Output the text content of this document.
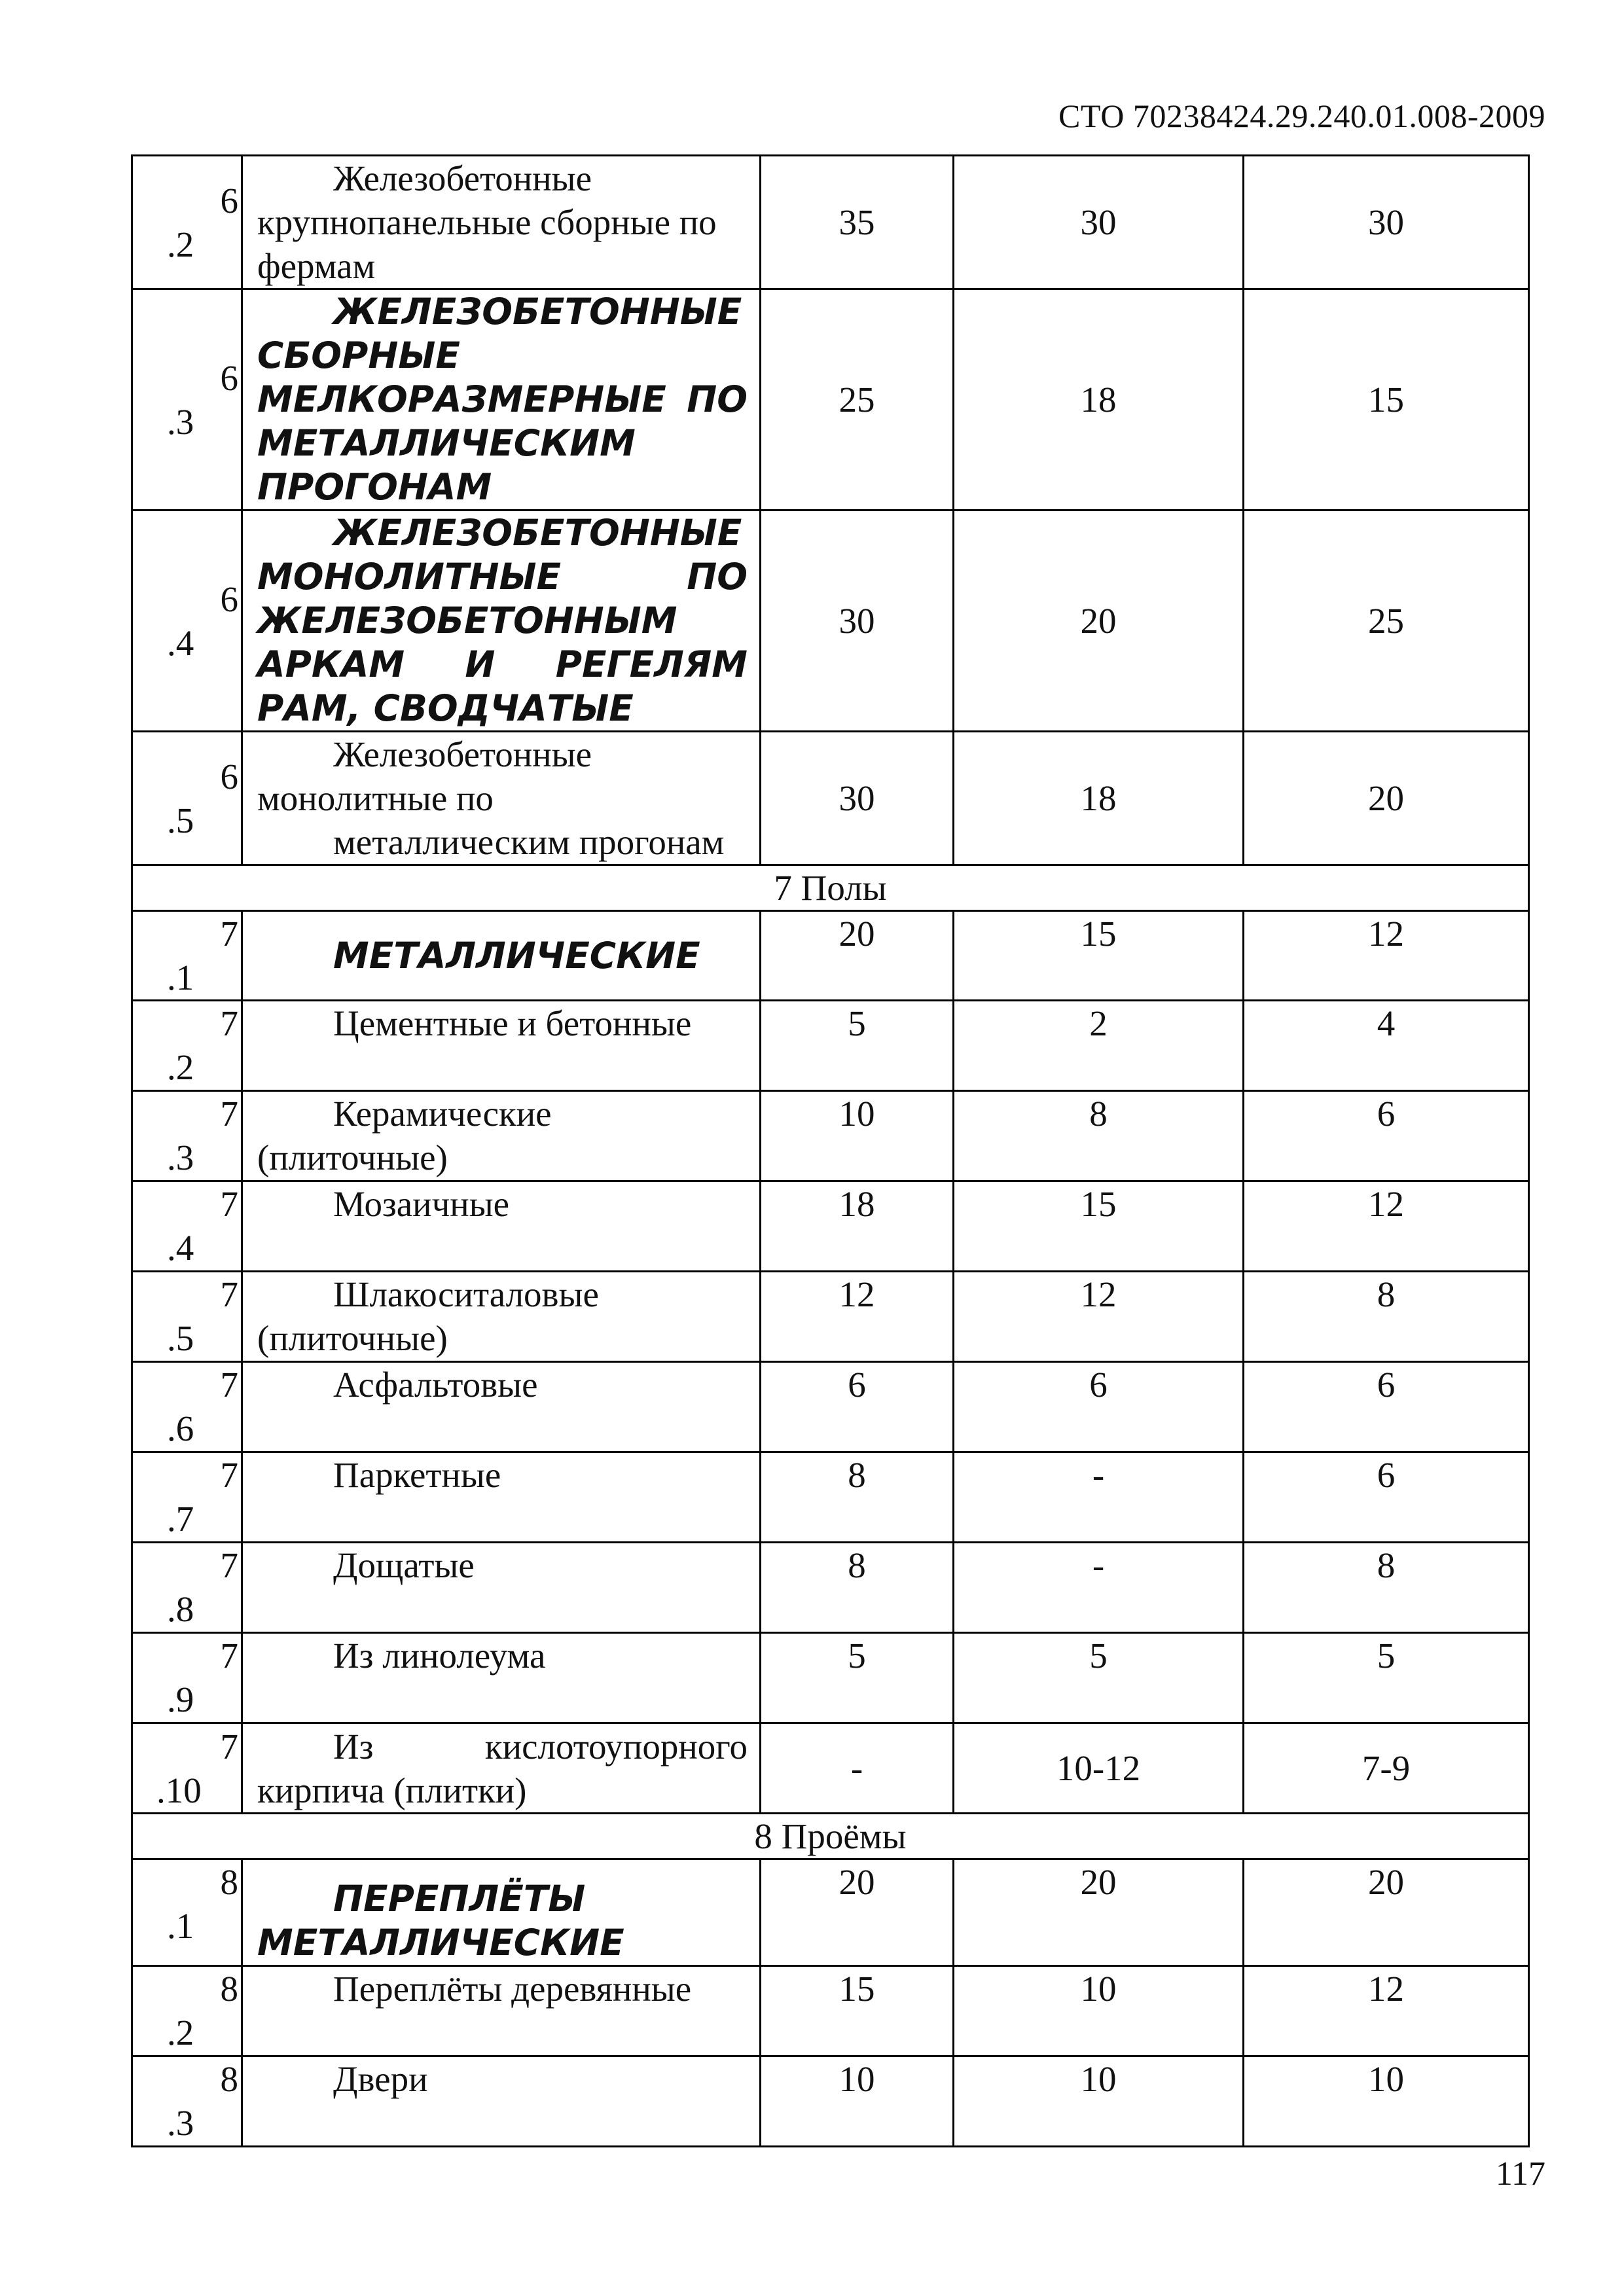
СТО 70238424.29.240.01.008-2009
6
.2	Железобетонные
крупнопанельные сборные по
фермам	35	30	30

6
.3	ЖЕЛЕЗОБЕТОННЫЕ
СБОРНЫЕ МЕЛКОРАЗМЕРНЫЕ ПО МЕТАЛЛИЧЕСКИМ ПРОГОНАМ	25	18	15

6
.4	ЖЕЛЕЗОБЕТОННЫЕ
МОНОЛИТНЫЕ ПО ЖЕЛЕЗОБЕТОННЫМ АРКАМ И РЕГЕЛЯМ РАМ, СВОДЧАТЫЕ	30	20	25

6
.5	Железобетонные
монолитные по
металлическим прогонам	30	18	20
7 Полы				

7
.1	МЕТАЛЛИЧЕСКИЕ	20	15	12

7
.2	Цементные и бетонные	5	2	4

7
.3	Керамические
(плиточные)	10	8	6

7
.4	Мозаичные	18	15	12

7
.5	Шлакоситаловые
(плиточные)	12	12	8

7
.6	Асфальтовые	6	6	6

7
.7	Паркетные	8	-	6

7
.8	Дощатые	8	-	8

7
.9	Из линолеума	5	5	5

7
.10	Из кислотоупорного
кирпича (плитки)	-	10-12	7-9
8 Проёмы				

8
.1	ПЕРЕПЛЁТЫ
МЕТАЛЛИЧЕСКИЕ	20	20	20

8
.2	Переплёты деревянные	15	10	12

8
.3	Двери	10	10	10
117
